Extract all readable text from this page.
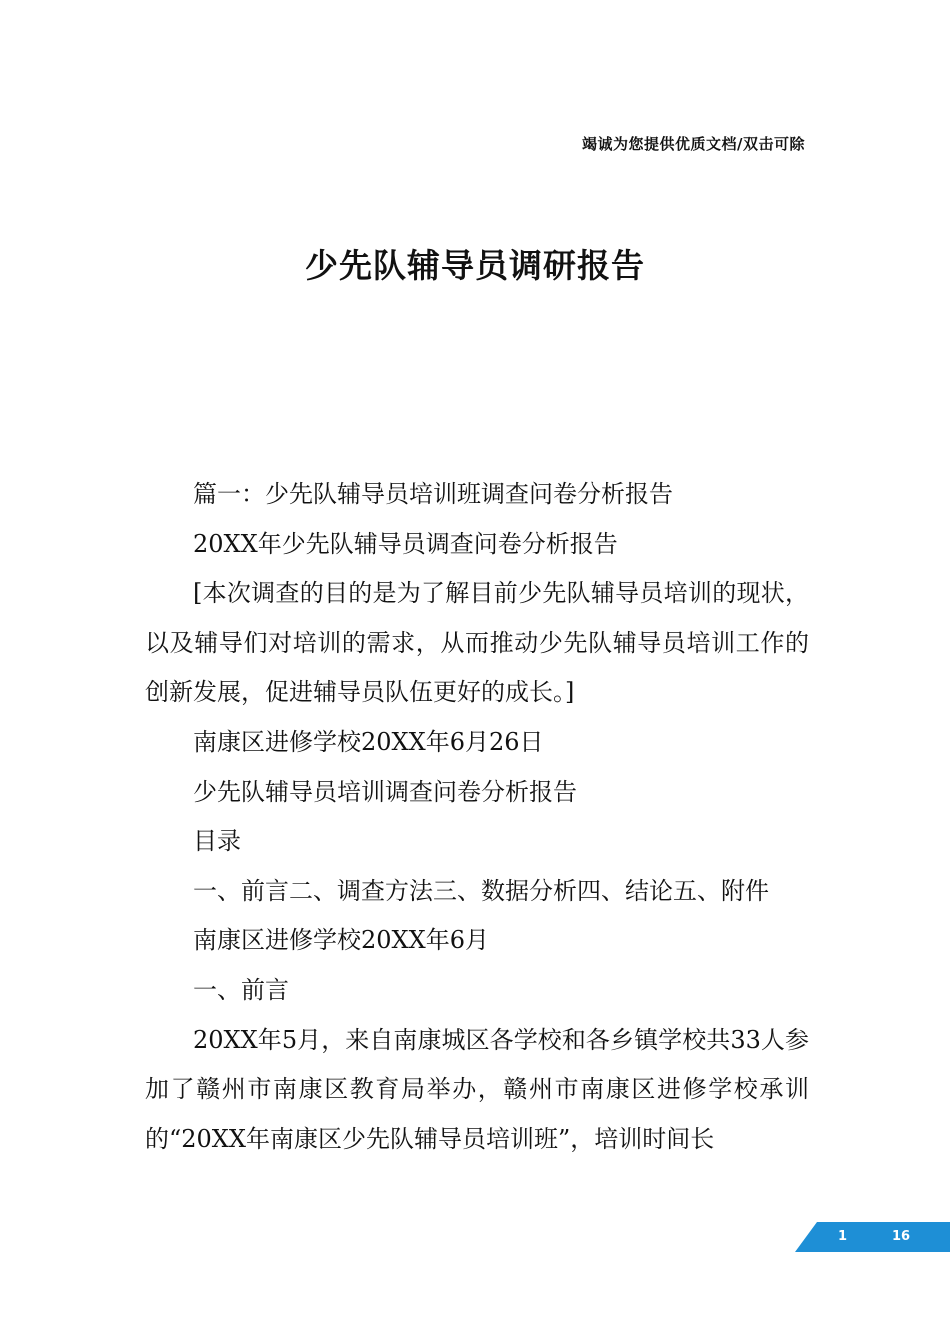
竭诚为您提供优质文档/双击可除
少先队辅导员调研报告

篇一：少先队辅导员培训班调查问卷分析报告

20XX年少先队辅导员调查问卷分析报告

[本次调查的目的是为了解目前少先队辅导员培训的现状，以及辅导们对培训的需求，从而推动少先队辅导员培训工作的创新发展，促进辅导员队伍更好的成长。]

南康区进修学校20XX年6月26日

少先队辅导员培训调查问卷分析报告

目录

一、前言二、调查方法三、数据分析四、结论五、附件

南康区进修学校20XX年6月

一、前言

20XX年5月，来自南康城区各学校和各乡镇学校共33人参加了赣州市南康区教育局举办，赣州市南康区进修学校承训的“20XX年南康区少先队辅导员培训班”，培训时间长

1	16
